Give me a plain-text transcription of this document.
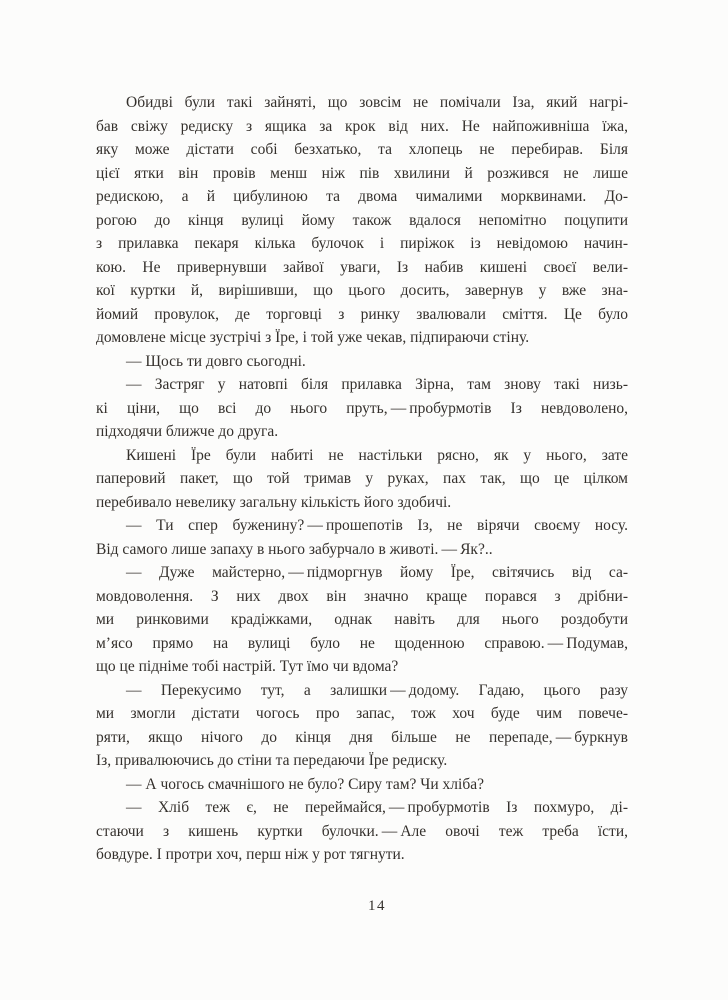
Обидві були такі зайняті, що зовсім не помічали Іза, який нагрі-
бав свіжу редиску з ящика за крок від них. Не найпоживніша їжа,
яку може дістати собі безхатько, та хлопець не перебирав. Біля
цієї ятки він провів менш ніж пів хвилини й розжився не лише
редискою, а й цибулиною та двома чималими морквинами. До-
рогою до кінця вулиці йому також вдалося непомітно поцупити
з прилавка пекаря кілька булочок і пиріжок із невідомою начин-
кою. Не привернувши зайвої уваги, Із набив кишені своєї вели-
кої куртки й, вирішивши, що цього досить, завернув у вже зна-
йомий провулок, де торговці з ринку звалювали сміття. Це було
домовлене місце зустрічі з Їре, і той уже чекав, підпираючи стіну.
— Щось ти довго сьогодні.
— Застряг у натовпі біля прилавка Зірна, там знову такі низь-
кі ціни, що всі до нього пруть, — пробурмотів Із невдоволено,
підходячи ближче до друга.
Кишені Їре були набиті не настільки рясно, як у нього, зате
паперовий пакет, що той тримав у руках, пах так, що це цілком
перебивало невелику загальну кількість його здобичі.
— Ти спер буженину? — прошепотів Із, не вірячи своєму носу.
Від самого лише запаху в нього забурчало в животі. — Як?..
— Дуже майстерно, — підморгнув йому Їре, світячись від са-
мовдоволення. З них двох він значно краще порався з дрібни-
ми ринковими крадіжками, однак навіть для нього роздобути
м’ясо прямо на вулиці було не щоденною справою. — Подумав,
що це підніме тобі настрій. Тут їмо чи вдома?
— Перекусимо тут, а залишки — додому. Гадаю, цього разу
ми змогли дістати чогось про запас, тож хоч буде чим повече-
ряти, якщо нічого до кінця дня більше не перепаде, — буркнув
Із, привалюючись до стіни та передаючи Їре редиску.
— А чогось смачнішого не було? Сиру там? Чи хліба?
— Хліб теж є, не переймайся, — пробурмотів Із похмуро, ді-
стаючи з кишень куртки булочки. — Але овочі теж треба їсти,
бовдуре. І протри хоч, перш ніж у рот тягнути.
14
